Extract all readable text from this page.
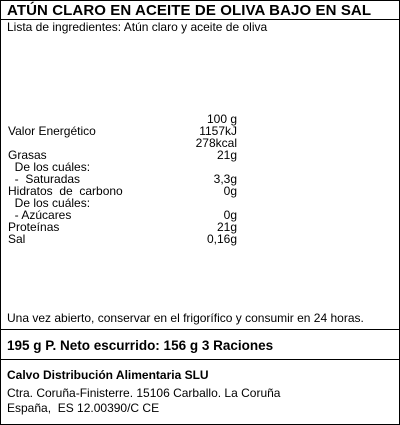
ATÚN CLARO EN ACEITE DE OLIVA BAJO EN SAL
Lista de ingredientes: Atún claro y aceite de oliva
100 g
Valor Energético	1157kJ
278kcal
Grasas	21g
De los cuáles:
-  Saturadas	3,3g
Hidratos  de  carbono	0g
De los cuáles:
- Azúcares	0g
Proteínas	21g
Sal	0,16g
Una vez abierto, conservar en el frigorífico y consumir en 24 horas.
195 g P. Neto escurrido: 156 g 3 Raciones
Calvo Distribución Alimentaria SLU
Ctra. Coruña-Finisterre. 15106 Carballo. La Coruña
España,  ES 12.00390/C CE
